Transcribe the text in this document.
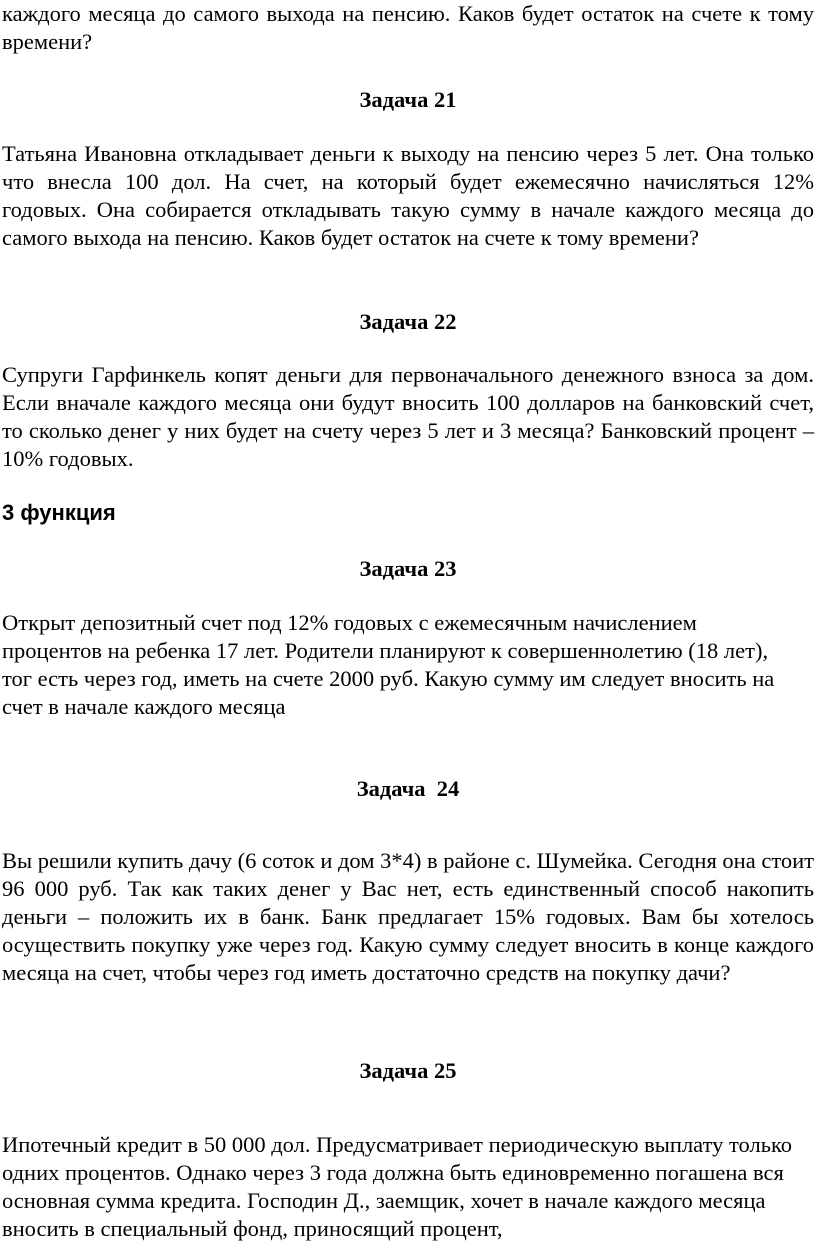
каждого месяца до самого выхода на пенсию. Каков будет остаток на счете к тому времени?

Задача 21

Татьяна Ивановна откладывает деньги к выходу на пенсию через 5 лет. Она только что внесла 100 дол. На счет, на который будет ежемесячно начисляться 12% годовых. Она собирается откладывать такую сумму в начале каждого месяца до самого выхода на пенсию. Каков будет остаток на счете к тому времени?

Задача 22

Супруги Гарфинкель копят деньги для первоначального денежного взноса за дом. Если вначале каждого месяца они будут вносить 100 долларов на банковский счет, то сколько денег у них будет на счету через 5 лет и 3 месяца? Банковский процент – 10% годовых.

3 функция

Задача 23

Открыт депозитный счет под 12% годовых с ежемесячным начислением процентов на ребенка 17 лет. Родители планируют к совершеннолетию (18 лет), тог есть через год, иметь на счете 2000 руб. Какую сумму им следует вносить на счет в начале каждого месяца

Задача  24

Вы решили купить дачу (6 соток и дом 3*4) в районе с. Шумейка. Сегодня она стоит 96 000 руб. Так как таких денег у Вас нет, есть единственный способ накопить деньги – положить их в банк. Банк предлагает 15% годовых. Вам бы хотелось осуществить покупку уже через год. Какую сумму следует вносить в конце каждого месяца на счет, чтобы через год иметь достаточно средств на покупку дачи?

Задача 25

Ипотечный кредит в 50 000 дол. Предусматривает периодическую выплату только одних процентов. Однако через 3 года должна быть единовременно погашена вся основная сумма кредита. Господин Д., заемщик, хочет в начале каждого месяца вносить в специальный фонд, приносящий процент,
